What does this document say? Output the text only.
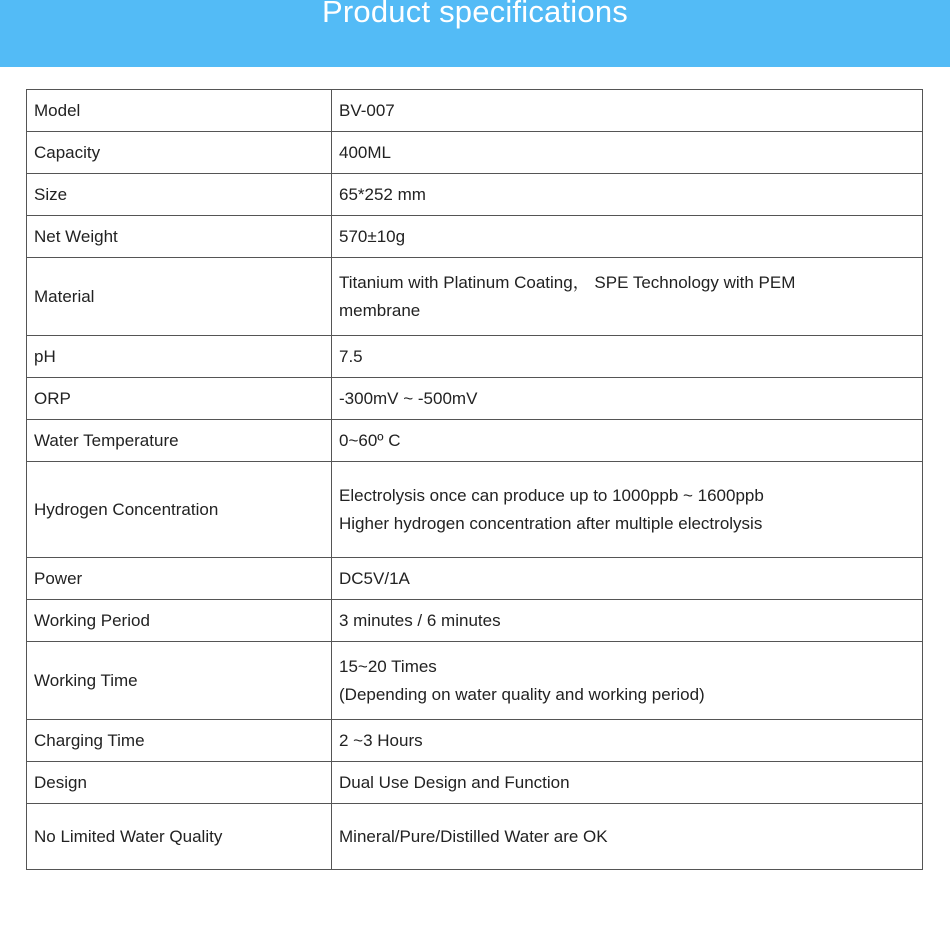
Product specifications
Model	BV-007

Capacity	400ML

Size	65*252 mm

Net Weight	570±10g

Material	Titanium with Platinum Coating， SPE Technology with PEM
membrane

pH	7.5

ORP	-300mV ~ -500mV

Water Temperature	0~60º C

Hydrogen Concentration	Electrolysis once can produce up to 1000ppb ~ 1600ppb
Higher hydrogen concentration after multiple electrolysis

Power	DC5V/1A

Working Period	3 minutes / 6 minutes

Working Time	15~20 Times
(Depending on water quality and working period)

Charging Time	2 ~3 Hours

Design	Dual Use Design and Function

No Limited Water Quality	Mineral/Pure/Distilled Water are OK
